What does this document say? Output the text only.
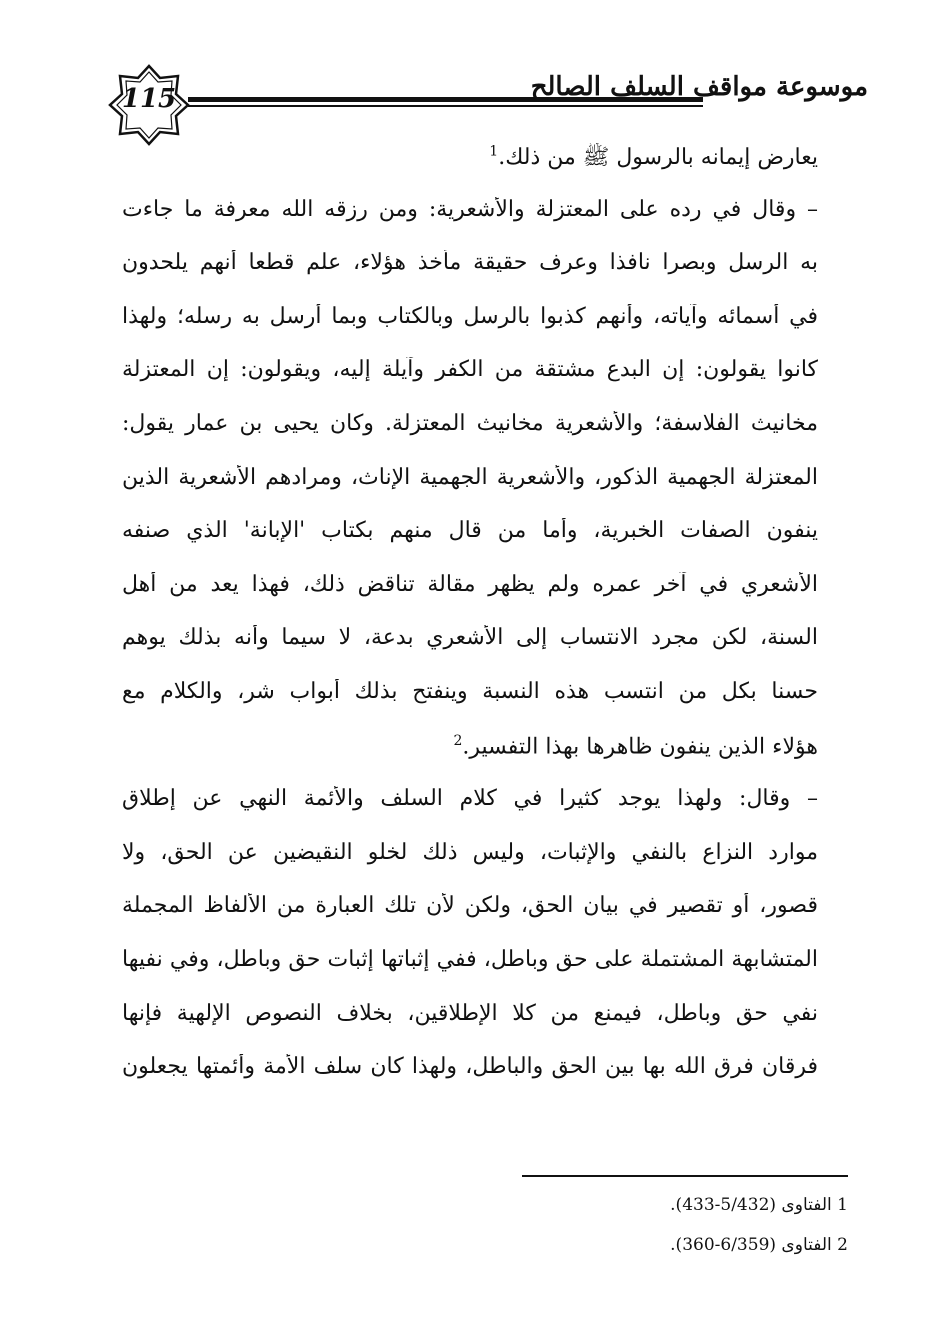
115	موسوعة مواقف السلف الصالح
يعارض إيمانه بالرسول ﷺ من ذلك.$^1$
– وقال في رده على المعتزلة والأشعرية: ومن رزقه الله معرفة ما جاءت
به الرسل وبصرا نافذا وعرف حقيقة مأخذ هؤلاء، علم قطعا أنهم يلحدون
في أسمائه وآياته، وأنهم كذبوا بالرسل وبالكتاب وبما أرسل به رسله؛ ولهذا
كانوا يقولون: إن البدع مشتقة من الكفر وآيلة إليه، ويقولون: إن المعتزلة
مخانيث الفلاسفة؛ والأشعرية مخانيث المعتزلة. وكان يحيى بن عمار يقول:
المعتزلة الجهمية الذكور، والأشعرية الجهمية الإناث، ومرادهم الأشعرية الذين
ينفون الصفات الخبرية، وأما من قال منهم بكتاب 'الإبانة' الذي صنفه
الأشعري في آخر عمره ولم يظهر مقالة تناقض ذلك، فهذا يعد من أهل
السنة، لكن مجرد الانتساب إلى الأشعري بدعة، لا سيما وأنه بذلك يوهم
حسنا بكل من انتسب هذه النسبة وينفتح بذلك أبواب شر، والكلام مع
هؤلاء الذين ينفون ظاهرها بهذا التفسير.$^2$
– وقال: ولهذا يوجد كثيرا في كلام السلف والأئمة النهي عن إطلاق
موارد النزاع بالنفي والإثبات، وليس ذلك لخلو النقيضين عن الحق، ولا
قصور، أو تقصير في بيان الحق، ولكن لأن تلك العبارة من الألفاظ المجملة
المتشابهة المشتملة على حق وباطل، ففي إثباتها إثبات حق وباطل، وفي نفيها
نفي حق وباطل، فيمنع من كلا الإطلاقين، بخلاف النصوص الإلهية فإنها
فرقان فرق الله بها بين الحق والباطل، ولهذا كان سلف الأمة وأئمتها يجعلون
1 الفتاوى (5/432-433).
2 الفتاوى (6/359-360).
